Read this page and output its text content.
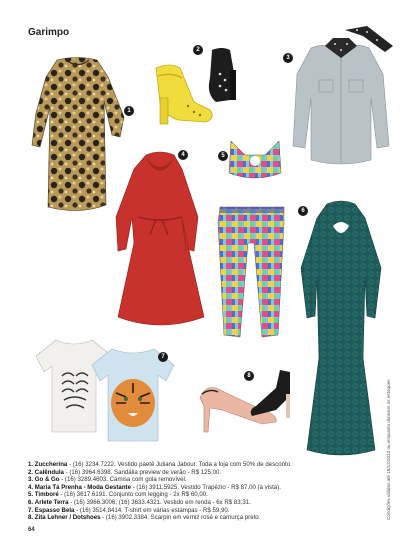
Garimpo
1
2
3
4	5
6
7
8
1. Zuccherina - (16) 3234.7222. Vestido paetê Juliana Jabour. Toda a loja com 50% de desconto.
2. Calêndula - (16) 3964.6398. Sandália preview de verão - R$ 125,00.
3. Go & Go - (16) 3289.4603. Camisa com gola removível.
4. Maria Tá Prenha - Moda Gestante - (16) 3911.5925. Vestido Trapézio - R$ 87,00 (à vista).
5. Timboré - (16) 3617.6191. Conjunto com legging - 2x R$ 60,00.
6. Arlete Terra - (16) 3966.3006, (16) 3633.4321. Vestido em renda - 6x R$ 83,31.
7. Espasso Bela - (16) 3514.8414. T-shirt em várias estampas - R$ 59,90.
8. Zita Lehner / Dotshoes - (16) 3902.3384. Scarpin em verniz rosé e camurça preto.
64
Condições válidas até 18/12/2013 ou enquanto durarem os estoques
